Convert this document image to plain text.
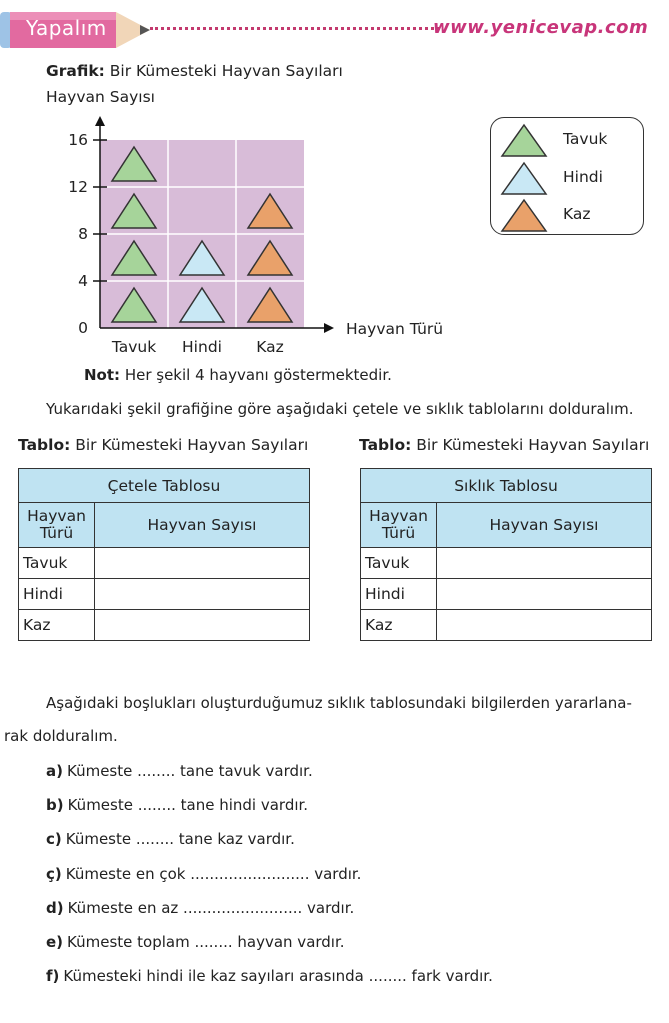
Yapalım	www.yenicevap.com
Grafik: Bir Kümesteki Hayvan Sayıları
Hayvan Sayısı
Hayvan Türü
0
4
8
12
16
Tavuk Hindi Kaz
Tavuk
Hindi
Kaz
Not: Her şekil 4 hayvanı göstermektedir.
Yukarıdaki şekil grafiğine göre aşağıdaki çetele ve sıklık tablolarını dolduralım.
Tablo: Bir Kümesteki Hayvan Sayıları	Tablo: Bir Kümesteki Hayvan Sayıları
Çetele Tablosu	
Hayvan Türü	Hayvan Sayısı
Tavuk	
Hindi	
Kaz	
Sıklık Tablosu	
Hayvan Türü	Hayvan Sayısı
Tavuk	
Hindi	
Kaz	
Aşağıdaki boşlukları oluşturduğumuz sıklık tablosundaki bilgilerden yararlana-
rak dolduralım.
a) Kümeste ........ tane tavuk vardır.
b) Kümeste ........ tane hindi vardır.
c) Kümeste ........ tane kaz vardır.
ç) Kümeste en çok ......................... vardır.
d) Kümeste en az ......................... vardır.
e) Kümeste toplam ........ hayvan vardır.
f) Kümesteki hindi ile kaz sayıları arasında ........ fark vardır.
